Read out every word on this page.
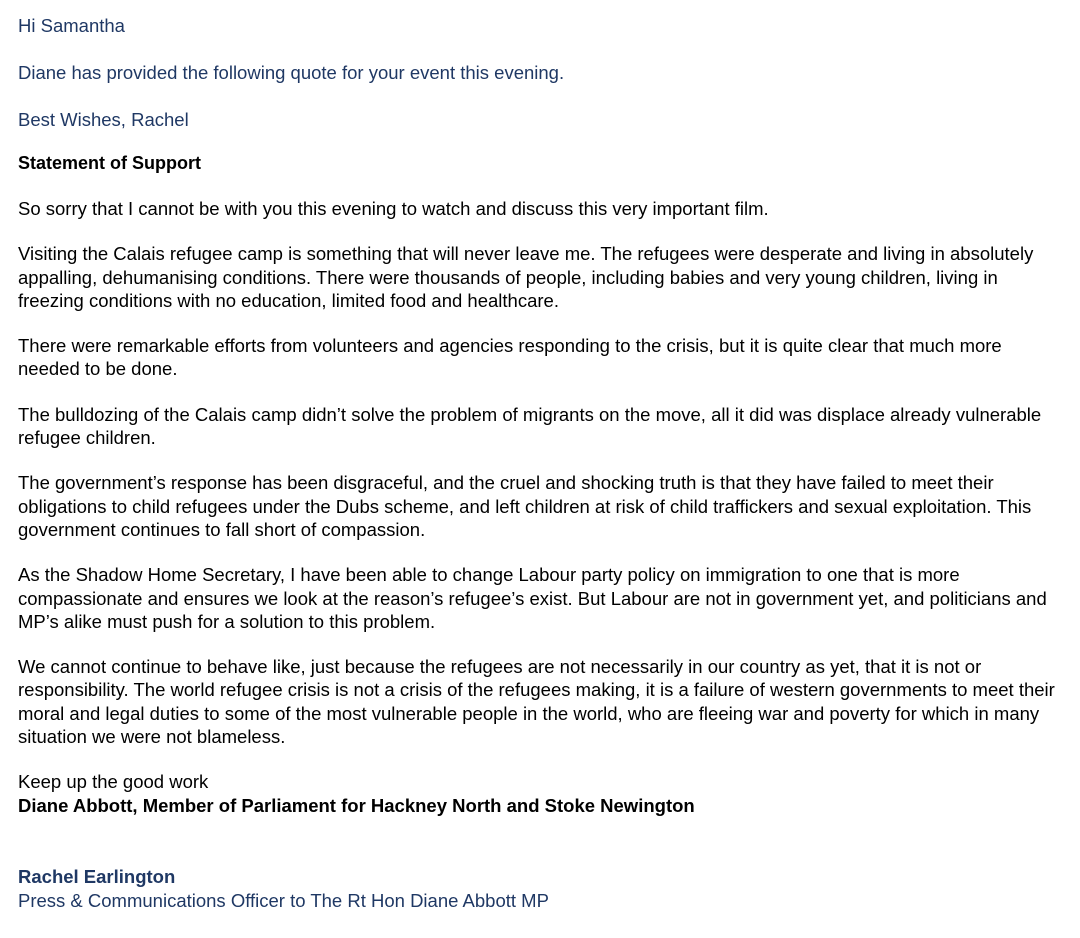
Hi Samantha

Diane has provided the following quote for your event this evening.

Best Wishes, Rachel

Statement of Support
So sorry that I cannot be with you this evening to watch and discuss this very important film.
Visiting the Calais refugee camp is something that will never leave me. The refugees were desperate and living in absolutely appalling, dehumanising conditions. There were thousands of people, including babies and very young children, living in freezing conditions with no education, limited food and healthcare.
There were remarkable efforts from volunteers and agencies responding to the crisis, but it is quite clear that much more needed to be done.
The bulldozing of the Calais camp didn’t solve the problem of migrants on the move, all it did was displace already vulnerable refugee children.
The government’s response has been disgraceful, and the cruel and shocking truth is that they have failed to meet their obligations to child refugees under the Dubs scheme, and left children at risk of child traffickers and sexual exploitation. This government continues to fall short of compassion.
As the Shadow Home Secretary, I have been able to change Labour party policy on immigration to one that is more compassionate and ensures we look at the reason’s refugee’s exist. But Labour are not in government yet, and politicians and MP’s alike must push for a solution to this problem.
We cannot continue to behave like, just because the refugees are not necessarily in our country as yet, that it is not or responsibility. The world refugee crisis is not a crisis of the refugees making, it is a failure of western governments to meet their moral and legal duties to some of the most vulnerable people in the world, who are fleeing war and poverty for which in many situation we were not blameless.
Keep up the good work
Diane Abbott, Member of Parliament for Hackney North and Stoke Newington
Rachel Earlington
Press & Communications Officer to The Rt Hon Diane Abbott MP
